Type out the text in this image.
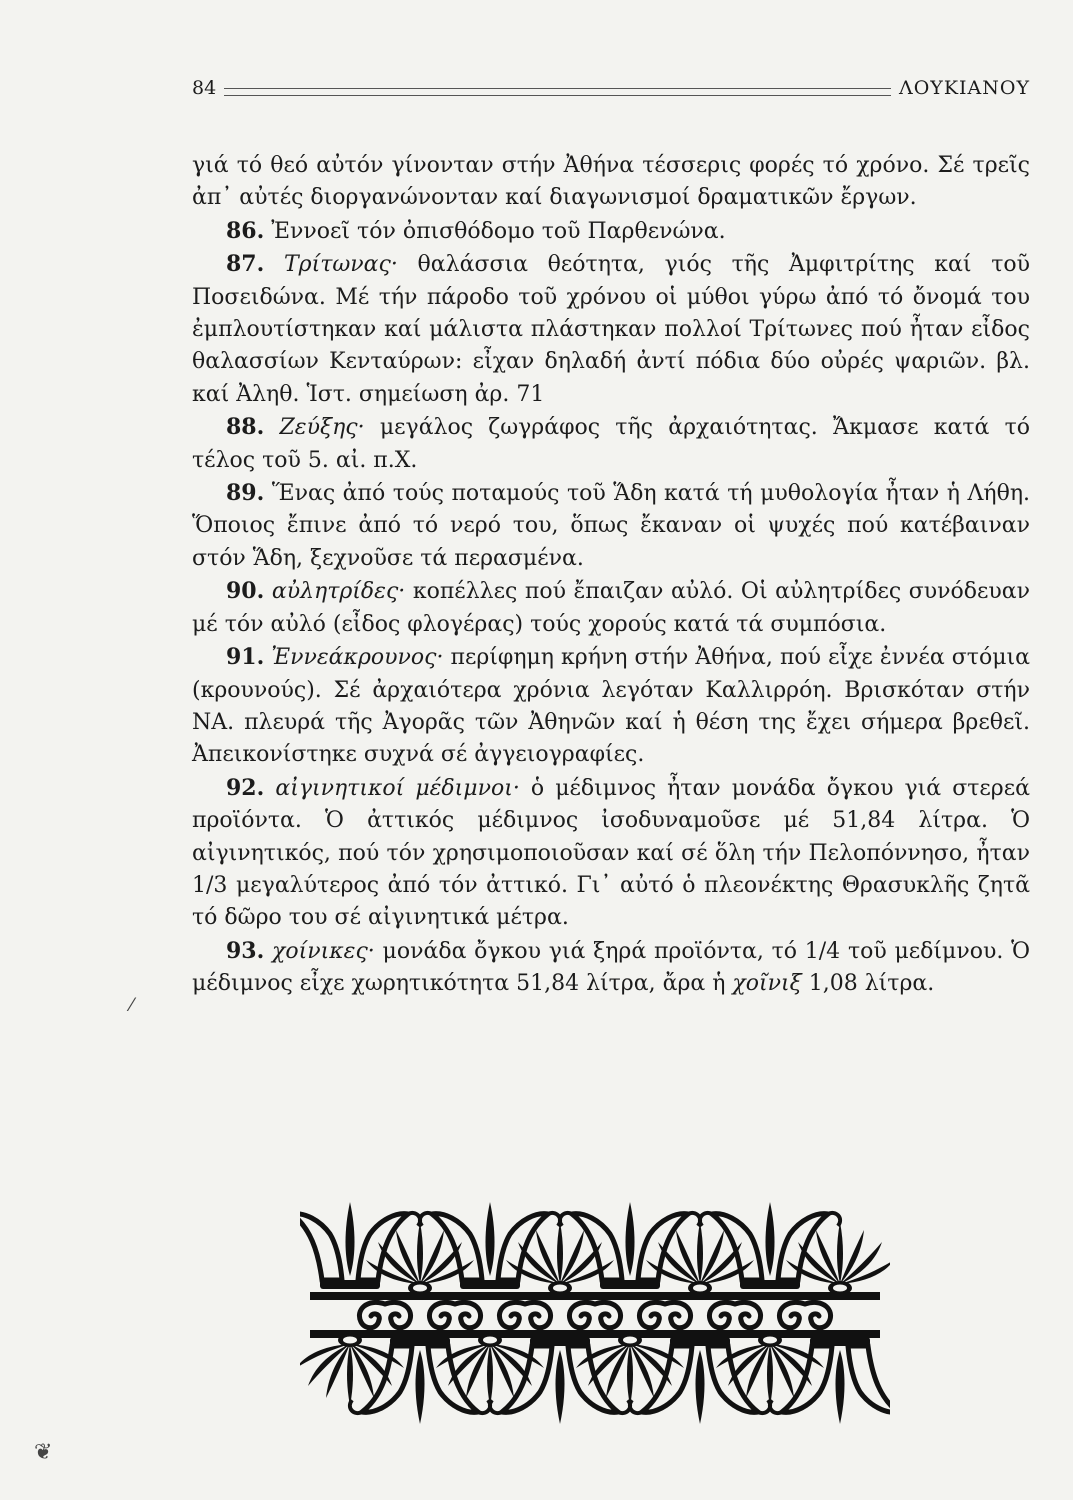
84	ΛΟΥΚΙΑΝΟΥ

γιά τό θεό αὐτόν γίνονταν στήν Ἀθήνα τέσσερις φορές τό χρόνο. Σέ τρεῖς ἀπ᾽ αὐτές διοργανώνονταν καί διαγωνισμοί δραματικῶν ἔργων.

86. Ἐννοεῖ τόν ὀπισθόδομο τοῦ Παρθενώνα.

87. Τρίτωνας· θαλάσσια θεότητα, γιός τῆς Ἀμφιτρίτης καί τοῦ Ποσειδώνα. Μέ τήν πάροδο τοῦ χρόνου οἱ μύθοι γύρω ἀπό τό ὄνομά του ἐμπλουτίστηκαν καί μάλιστα πλάστηκαν πολλοί Τρίτωνες πού ἦταν εἶδος θαλασσίων Κενταύρων: εἶχαν δηλαδή ἀντί πόδια δύο οὐρές ψαριῶν. βλ. καί Ἀληθ. Ἱστ. σημείωση ἀρ. 71

88. Ζεύξης· μεγάλος ζωγράφος τῆς ἀρχαιότητας. Ἄκμασε κατά τό τέλος τοῦ 5. αἰ. π.Χ.

89. Ἕνας ἀπό τούς ποταμούς τοῦ Ἅδη κατά τή μυθολογία ἦταν ἡ Λήθη. Ὅποιος ἔπινε ἀπό τό νερό του, ὅπως ἔκαναν οἱ ψυχές πού κατέβαιναν στόν Ἅδη, ξεχνοῦσε τά περασμένα.

90. αὐλητρίδες· κοπέλλες πού ἔπαιζαν αὐλό. Οἱ αὐλητρίδες συνόδευαν μέ τόν αὐλό (εἶδος φλογέρας) τούς χορούς κατά τά συμπόσια.

91. Ἐννεάκρουνος· περίφημη κρήνη στήν Ἀθήνα, πού εἶχε ἐννέα στόμια (κρουνούς). Σέ ἀρχαιότερα χρόνια λεγόταν Καλλιρρόη. Βρισκόταν στήν ΝΑ. πλευρά τῆς Ἀγορᾶς τῶν Ἀθηνῶν καί ἡ θέση της ἔχει σήμερα βρεθεῖ. Ἀπεικονίστηκε συχνά σέ ἀγγειογραφίες.

92. αἰγινητικοί μέδιμνοι· ὁ μέδιμνος ἦταν μονάδα ὄγκου γιά στερεά προϊόντα. Ὁ ἀττικός μέδιμνος ἰσοδυναμοῦσε μέ 51,84 λίτρα. Ὁ αἰγινητικός, πού τόν χρησιμοποιοῦσαν καί σέ ὅλη τήν Πελοπόννησο, ἦταν 1/3 μεγαλύτερος ἀπό τόν ἀττικό. Γι᾽ αὐτό ὁ πλεονέκτης Θρασυκλῆς ζητᾶ τό δῶρο του σέ αἰγινητικά μέτρα.

93. χοίνικες· μονάδα ὄγκου γιά ξηρά προϊόντα, τό 1/4 τοῦ μεδίμνου. Ὁ μέδιμνος εἶχε χωρητικότητα 51,84 λίτρα, ἄρα ἡ χοῖνιξ 1,08 λίτρα.

⁄
❦
